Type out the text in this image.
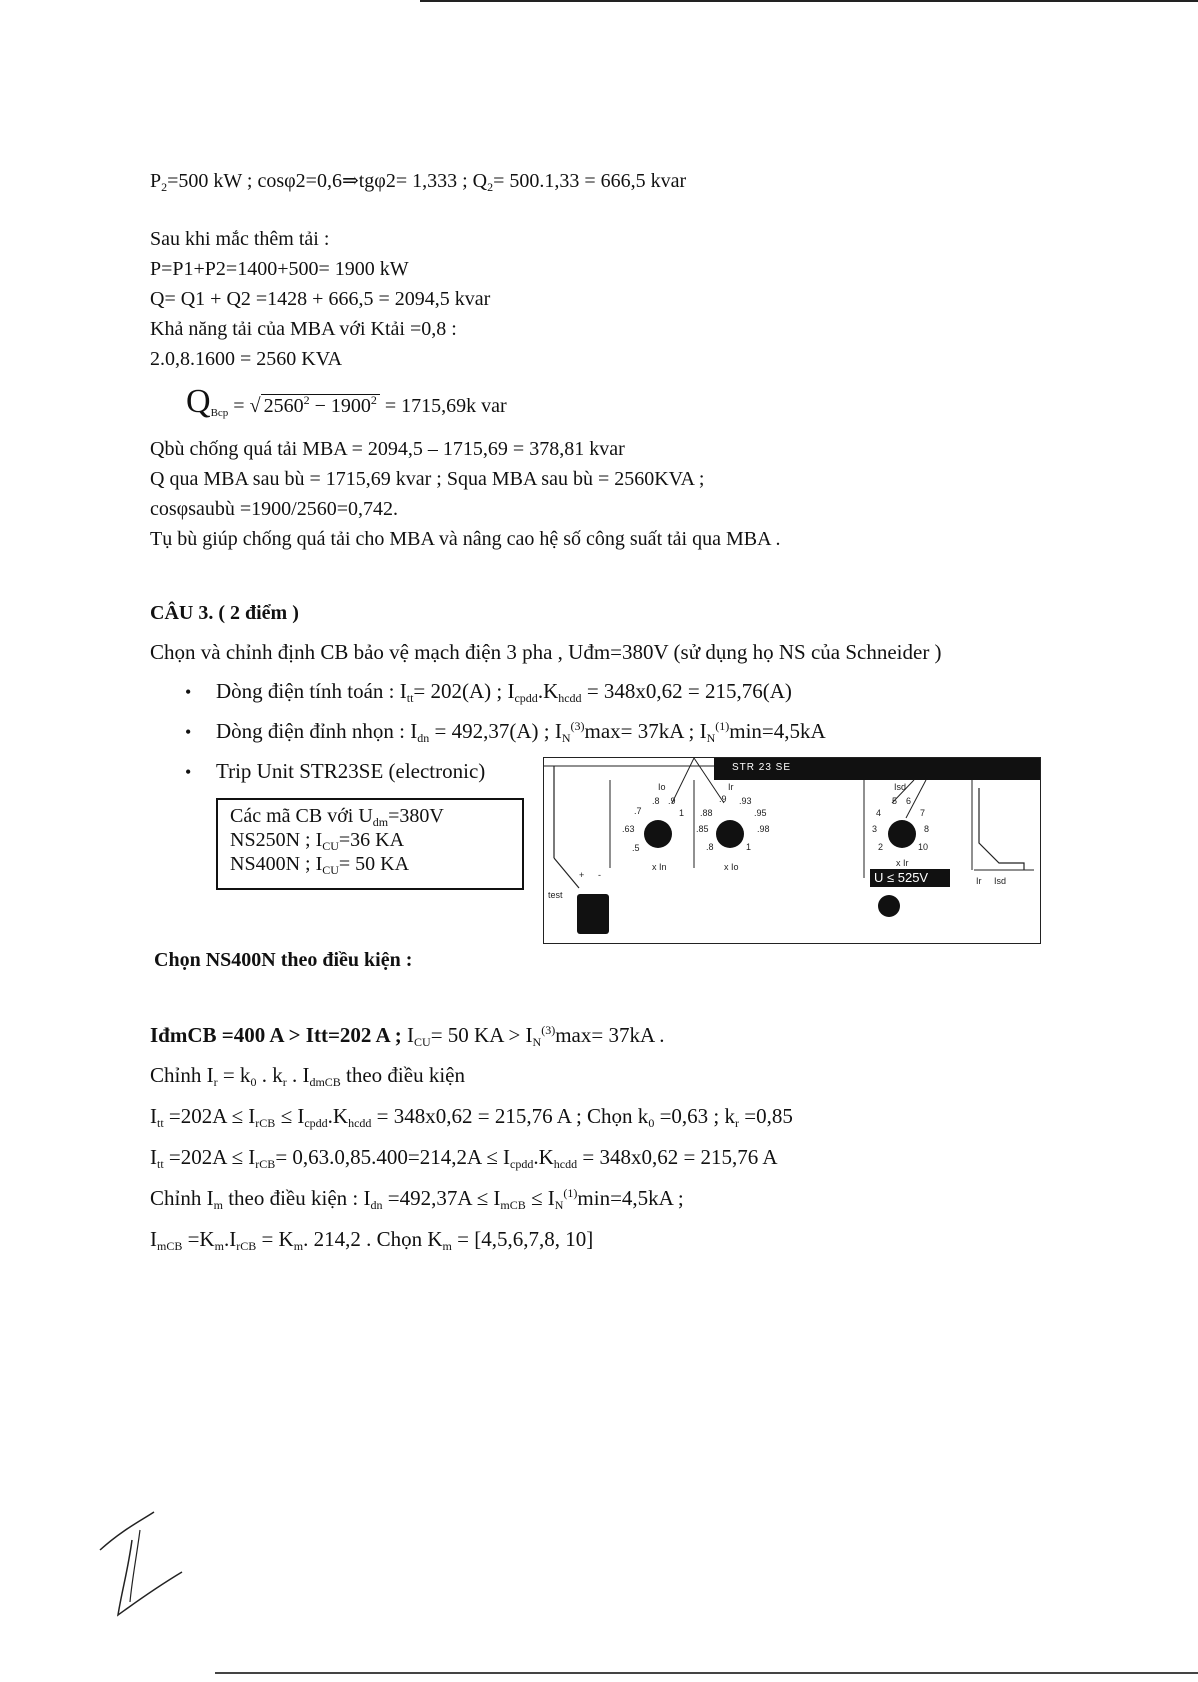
$P_2=500$ kW ; cosφ2=0,6⇒tgφ2= 1,333 ; $Q_2= 500.1,33 = 666,5$ kvar
Sau khi mắc thêm tải :
P=P1+P2=1400+500= 1900 kW
Q= Q1 + Q2 =1428 + 666,5 = 2094,5 kvar
Khả năng tải của MBA với Ktải =0,8 :
2.0,8.1600 = 2560 KVA
$Q_{Bcp}$ = √ $2560^2 - 1900^2 = 1715,69k$ var
Qbù chống quá tải MBA = 2094,5 – 1715,69 = 378,81 kvar
Q qua MBA sau bù = 1715,69 kvar ; Squa MBA sau bù = 2560KVA ;
cosφsaubù =1900/2560=0,742.
Tụ bù giúp chống quá tải cho MBA và nâng cao hệ số công suất tải qua MBA .
CÂU 3. ( 2 điểm )
Chọn và chỉnh định CB bảo vệ mạch điện 3 pha , Uđm=380V (sử dụng họ NS của Schneider )
• Dòng điện tính toán : $I_{tt}= 202(A)$ ; $I_{cpdd}.K_{hcdd} = 348x0,62 = 215,76(A)$
• Dòng điện đỉnh nhọn : $I_{dn} = 492,37(A)$ ; $I_N^{(3)}\max= 37kA$ ; $I_N^{(1)}\min=4,5kA$
• Trip Unit STR23SE (electronic)
Các mã CB với $U_{dm}=380V$
NS250N ; $I_{CU}=36$ KA
NS400N ; $I_{CU}= 50$ KA
STR 23 SE
+ -
test
Io
.7
.8 .9
1
.63
.5
x In
Ir
.9 .93
.95
.98
.88
.85
.8	1
x Io
Isd
5 6
4	7
3	8
2	10
x Ir
U ≤ 525V	Ir Isd
Chọn NS400N theo điều kiện :
IđmCB =400 A > Itt=202 A ; $I_{CU}= 50$ KA > $I_N^{(3)}\max= 37kA$ .
Chỉnh $I_r = k_0$ . $k_r$ . $I_{dmCB}$ theo điều kiện
$I_{tt} =202A \le I_{rCB} \le I_{cpdd}.K_{hcdd} = 348x0,62 = 215,76$ A ; Chọn $k_0 =0,63$ ; $k_r =0,85$
$I_{tt} =202A \le I_{rCB}= 0,63.0,85.400=214,2A \le I_{cpdd}.K_{hcdd} = 348x0,62 = 215,76$ A
Chỉnh $I_m$ theo điều kiện : $I_{dn} =492,37A \le I_{mCB} \le I_N^{(1)}\min=4,5kA$ ;
$I_{mCB} =K_m.I_{rCB} = K_m$. 214,2 . Chọn $K_m = [4,5,6,7,8$, 10]
